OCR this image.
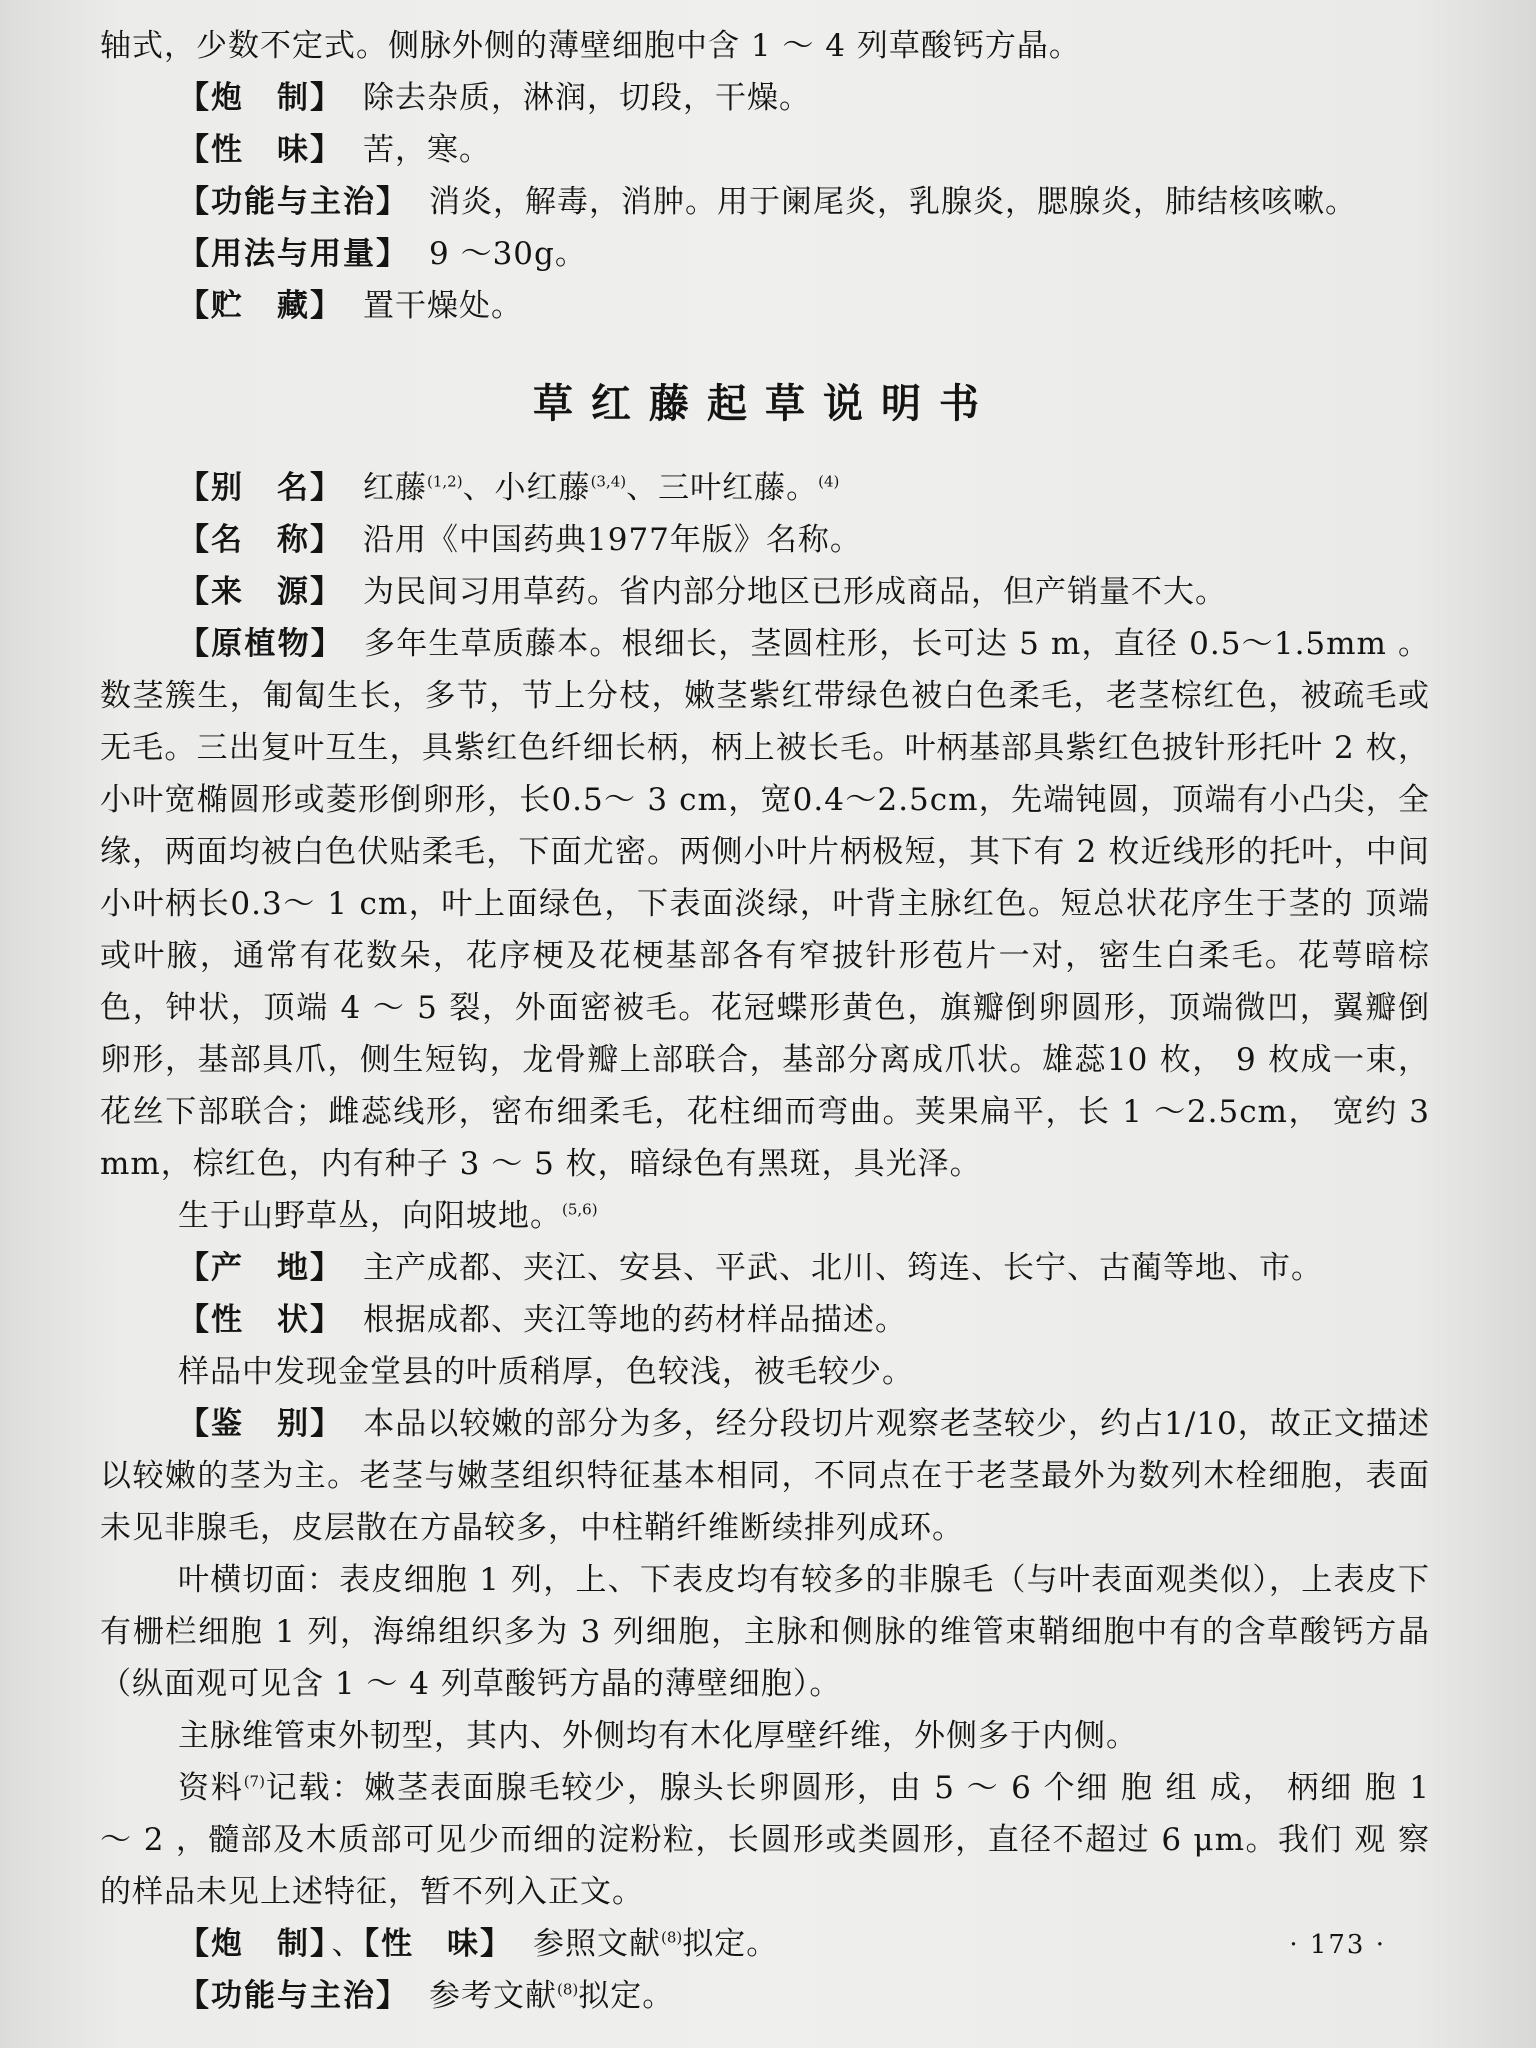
轴式，少数不定式。侧脉外侧的薄壁细胞中含 1 ～ 4 列草酸钙方晶。

【炮　制】 除去杂质，淋润，切段，干燥。

【性　味】 苦，寒。

【功能与主治】 消炎，解毒，消肿。用于阑尾炎，乳腺炎，腮腺炎，肺结核咳嗽。

【用法与用量】 9 ～30g。

【贮　藏】 置干燥处。

草红藤起草说明书

【别　名】 红藤$^{(1,2)}$、小红藤$^{(3,4)}$、三叶红藤。$^{(4)}$

【名　称】 沿用《中国药典1977年版》名称。

【来　源】 为民间习用草药。省内部分地区已形成商品，但产销量不大。

【原植物】 多年生草质藤本。根细长，茎圆柱形，长可达 5 m，直径 0.5～1.5mm 。数茎簇生，匍匐生长，多节，节上分枝，嫩茎紫红带绿色被白色柔毛，老茎棕红色，被疏毛或无毛。三出复叶互生，具紫红色纤细长柄，柄上被长毛。叶柄基部具紫红色披针形托叶 2 枚，小叶宽椭圆形或菱形倒卵形，长0.5～ 3 cm，宽0.4～2.5cm，先端钝圆，顶端有小凸尖，全缘，两面均被白色伏贴柔毛，下面尤密。两侧小叶片柄极短，其下有 2 枚近线形的托叶，中间小叶柄长0.3～ 1 cm，叶上面绿色，下表面淡绿，叶背主脉红色。短总状花序生于茎的 顶端或叶腋，通常有花数朵，花序梗及花梗基部各有窄披针形苞片一对，密生白柔毛。花萼暗棕色，钟状，顶端 4 ～ 5 裂，外面密被毛。花冠蝶形黄色，旗瓣倒卵圆形，顶端微凹，翼瓣倒卵形，基部具爪，侧生短钩，龙骨瓣上部联合，基部分离成爪状。雄蕊10 枚， 9 枚成一束，花丝下部联合；雌蕊线形，密布细柔毛，花柱细而弯曲。荚果扁平，长 1 ～2.5cm， 宽约 3 mm，棕红色，内有种子 3 ～ 5 枚，暗绿色有黑斑，具光泽。

生于山野草丛，向阳坡地。$^{(5,6)}$

【产　地】 主产成都、夹江、安县、平武、北川、筠连、长宁、古蔺等地、市。

【性　状】 根据成都、夹江等地的药材样品描述。

样品中发现金堂县的叶质稍厚，色较浅，被毛较少。

【鉴　别】 本品以较嫩的部分为多，经分段切片观察老茎较少，约占1/10，故正文描述以较嫩的茎为主。老茎与嫩茎组织特征基本相同，不同点在于老茎最外为数列木栓细胞，表面未见非腺毛，皮层散在方晶较多，中柱鞘纤维断续排列成环。

叶横切面：表皮细胞 1 列，上、下表皮均有较多的非腺毛（与叶表面观类似），上表皮下有栅栏细胞 1 列，海绵组织多为 3 列细胞，主脉和侧脉的维管束鞘细胞中有的含草酸钙方晶（纵面观可见含 1 ～ 4 列草酸钙方晶的薄壁细胞）。

主脉维管束外韧型，其内、外侧均有木化厚壁纤维，外侧多于内侧。

资料$^{(7)}$记载：嫩茎表面腺毛较少，腺头长卵圆形，由 5 ～ 6 个细 胞 组 成， 柄细 胞 1 ～ 2 ，髓部及木质部可见少而细的淀粉粒，长圆形或类圆形，直径不超过 6 μm。我们 观 察的样品未见上述特征，暂不列入正文。

【炮　制】 、【性　味】 参照文献$^{(8)}$拟定。

【功能与主治】 参考文献$^{(8)}$拟定。

· 173 ·
